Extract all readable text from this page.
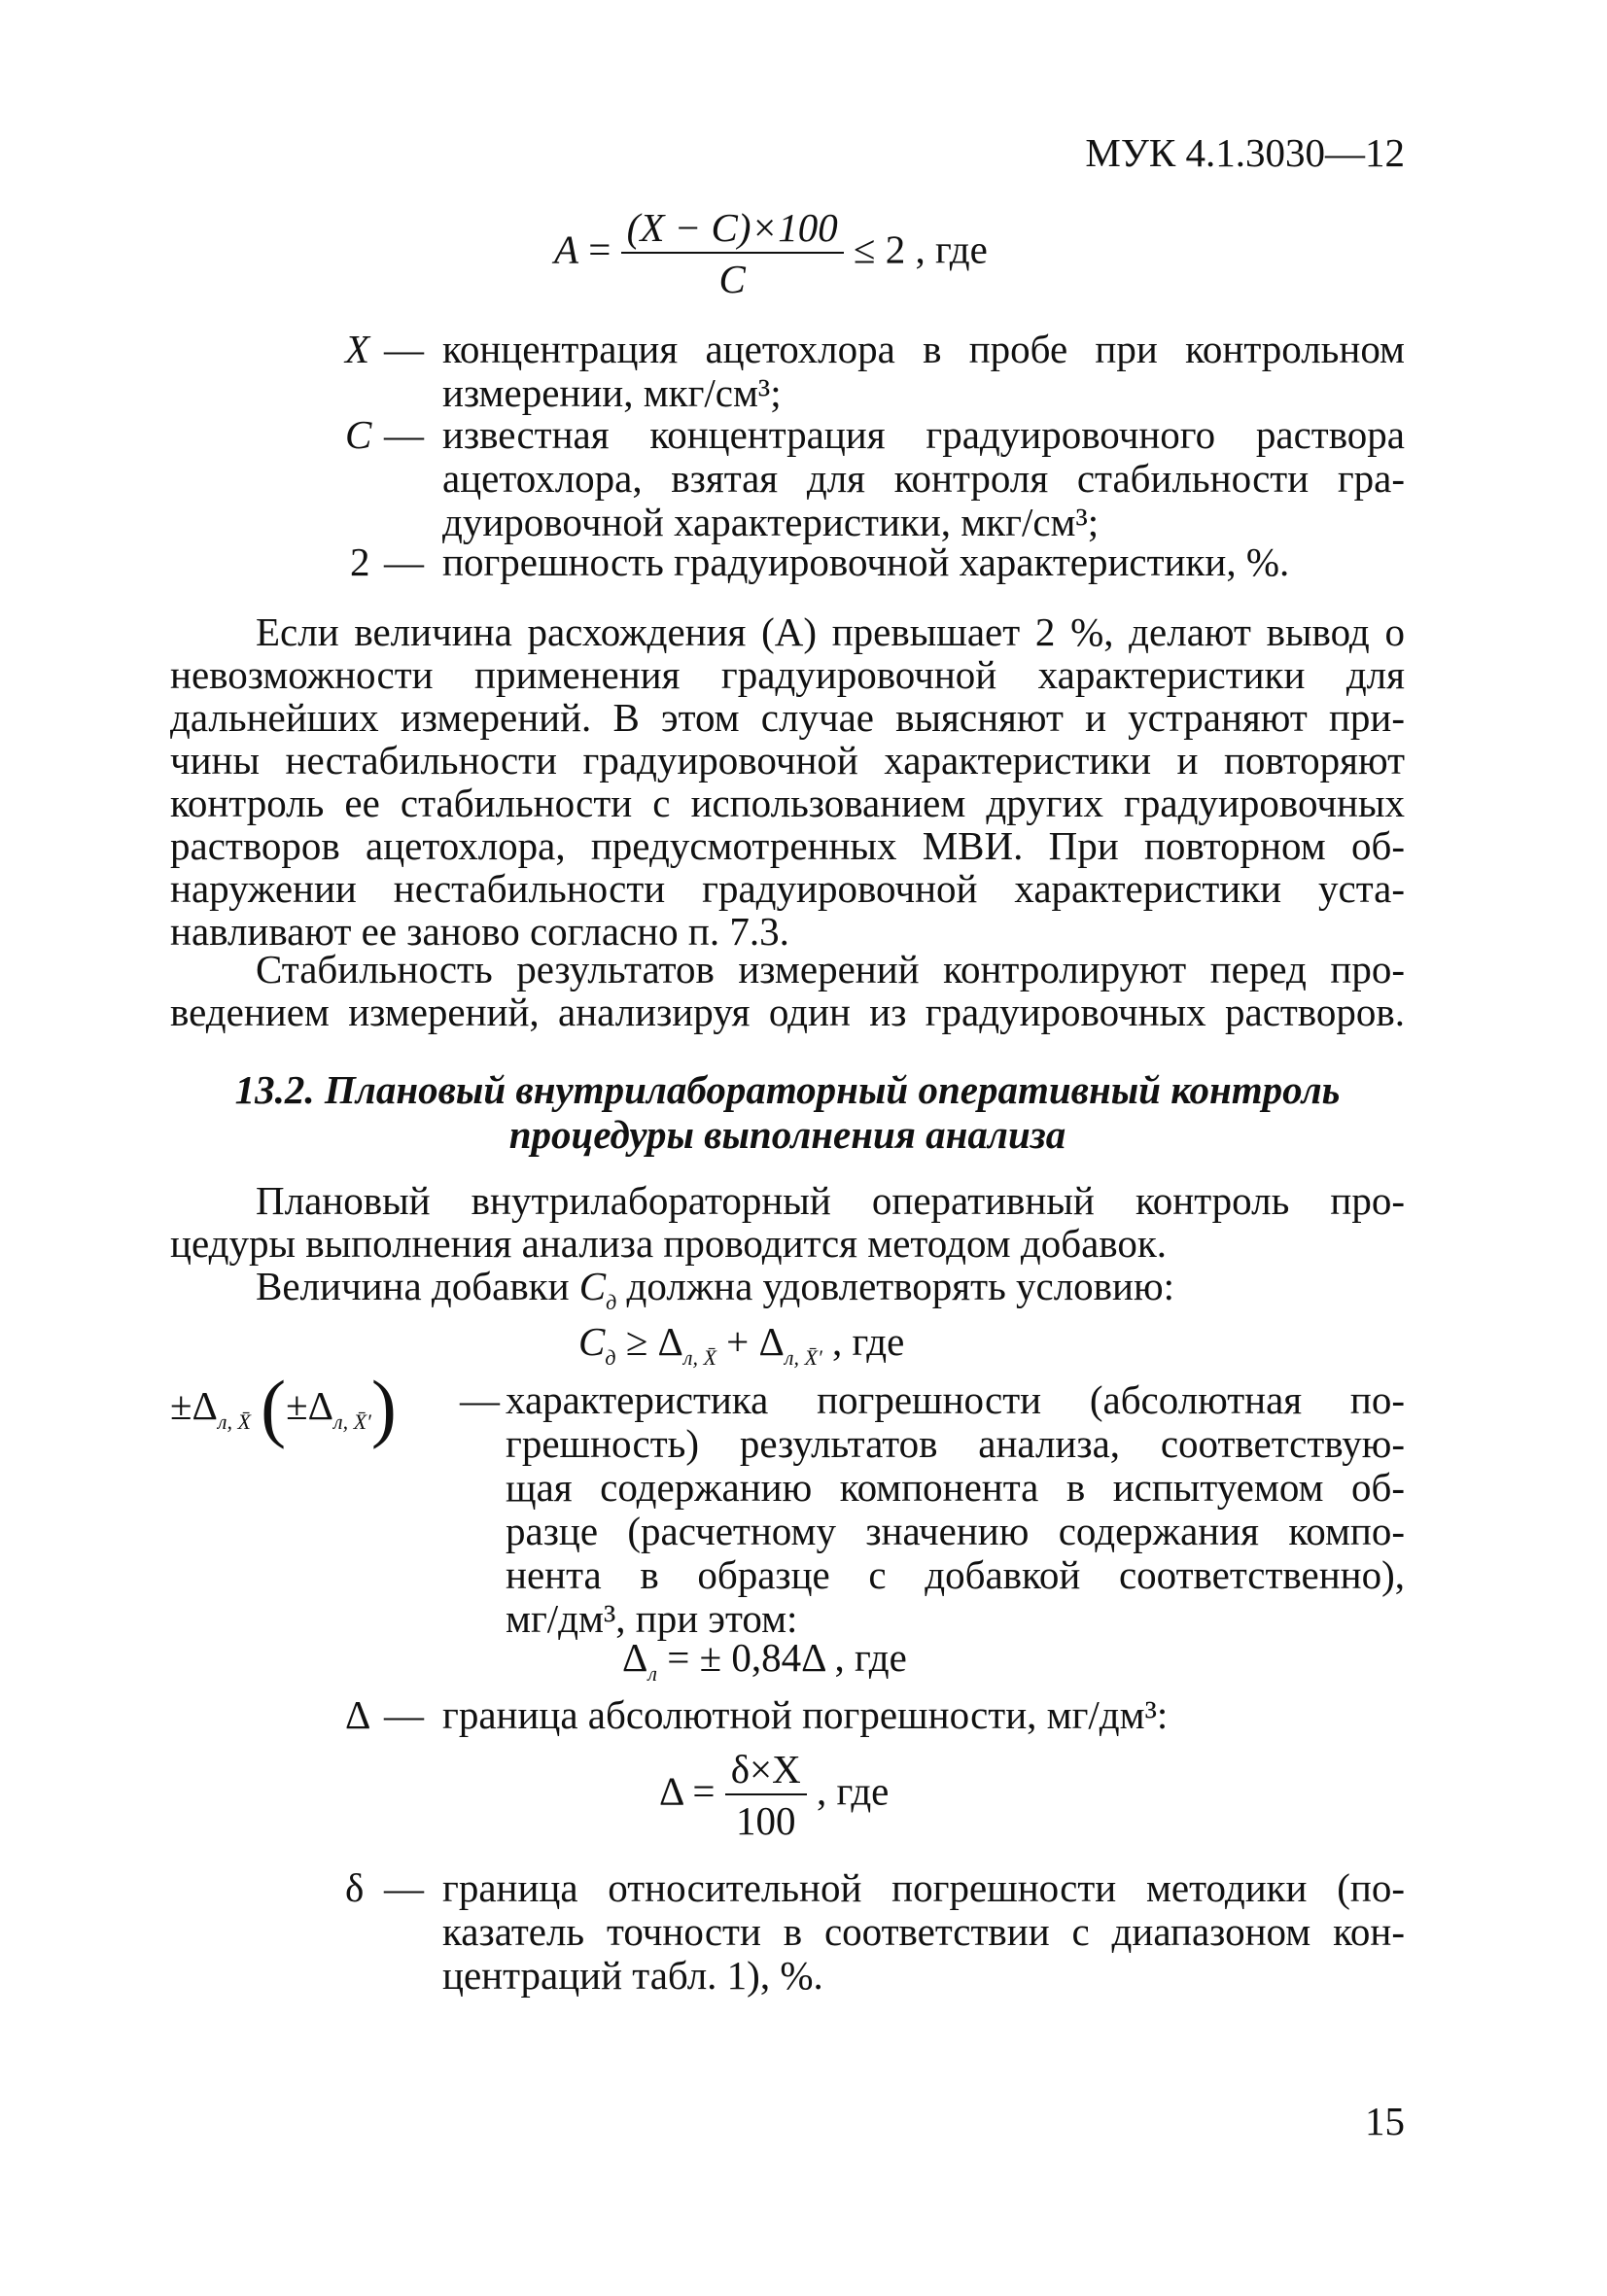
МУК 4.1.3030—12
$A = \frac{(X - C)\times 100}{C} \le 2$ , где
X — концентрация ацетохлора в пробе при контрольном
измерении, мкг/см³;
C — известная концентрация градуировочного раствора
ацетохлора, взятая для контроля стабильности гра-
дуировочной характеристики, мкг/см³;
2 — погрешность градуировочной характеристики, %.
Если величина расхождения (А) превышает 2 %, делают вывод о
невозможности применения градуировочной характеристики для
дальнейших измерений. В этом случае выясняют и устраняют при-
чины нестабильности градуировочной характеристики и повторяют
контроль ее стабильности с использованием других градуировочных
растворов ацетохлора, предусмотренных МВИ. При повторном об-
наружении нестабильности градуировочной характеристики уста-
навливают ее заново согласно п. 7.3.
Стабильность результатов измерений контролируют перед про-
ведением измерений, анализируя один из градуировочных растворов.
13.2. Плановый внутрилабораторный оперативный контроль
процедуры выполнения анализа
Плановый внутрилабораторный оперативный контроль про-
цедуры выполнения анализа проводится методом добавок.
Величина добавки $C_д$ должна удовлетворять условию:
$C_д \ge \Delta_{л, X̄} + \Delta_{л, X̄'}$ , где
$\pm\Delta_{л, X̄}$ $(\pm\Delta_{л, X̄'})$ — характеристика погрешности (абсолютная по-
грешность) результатов анализа, соответствую-
щая содержанию компонента в испытуемом об-
разце (расчетному значению содержания компо-
нента в образце с добавкой соответственно),
мг/дм³, при этом:
$\Delta_л$ = ± 0,84Δ , где
Δ — граница абсолютной погрешности, мг/дм³:
$\Delta = \frac{\delta\times X}{100}$ , где
δ — граница относительной погрешности методики (по-
казатель точности в соответствии с диапазоном кон-
центраций табл. 1), %.
15
